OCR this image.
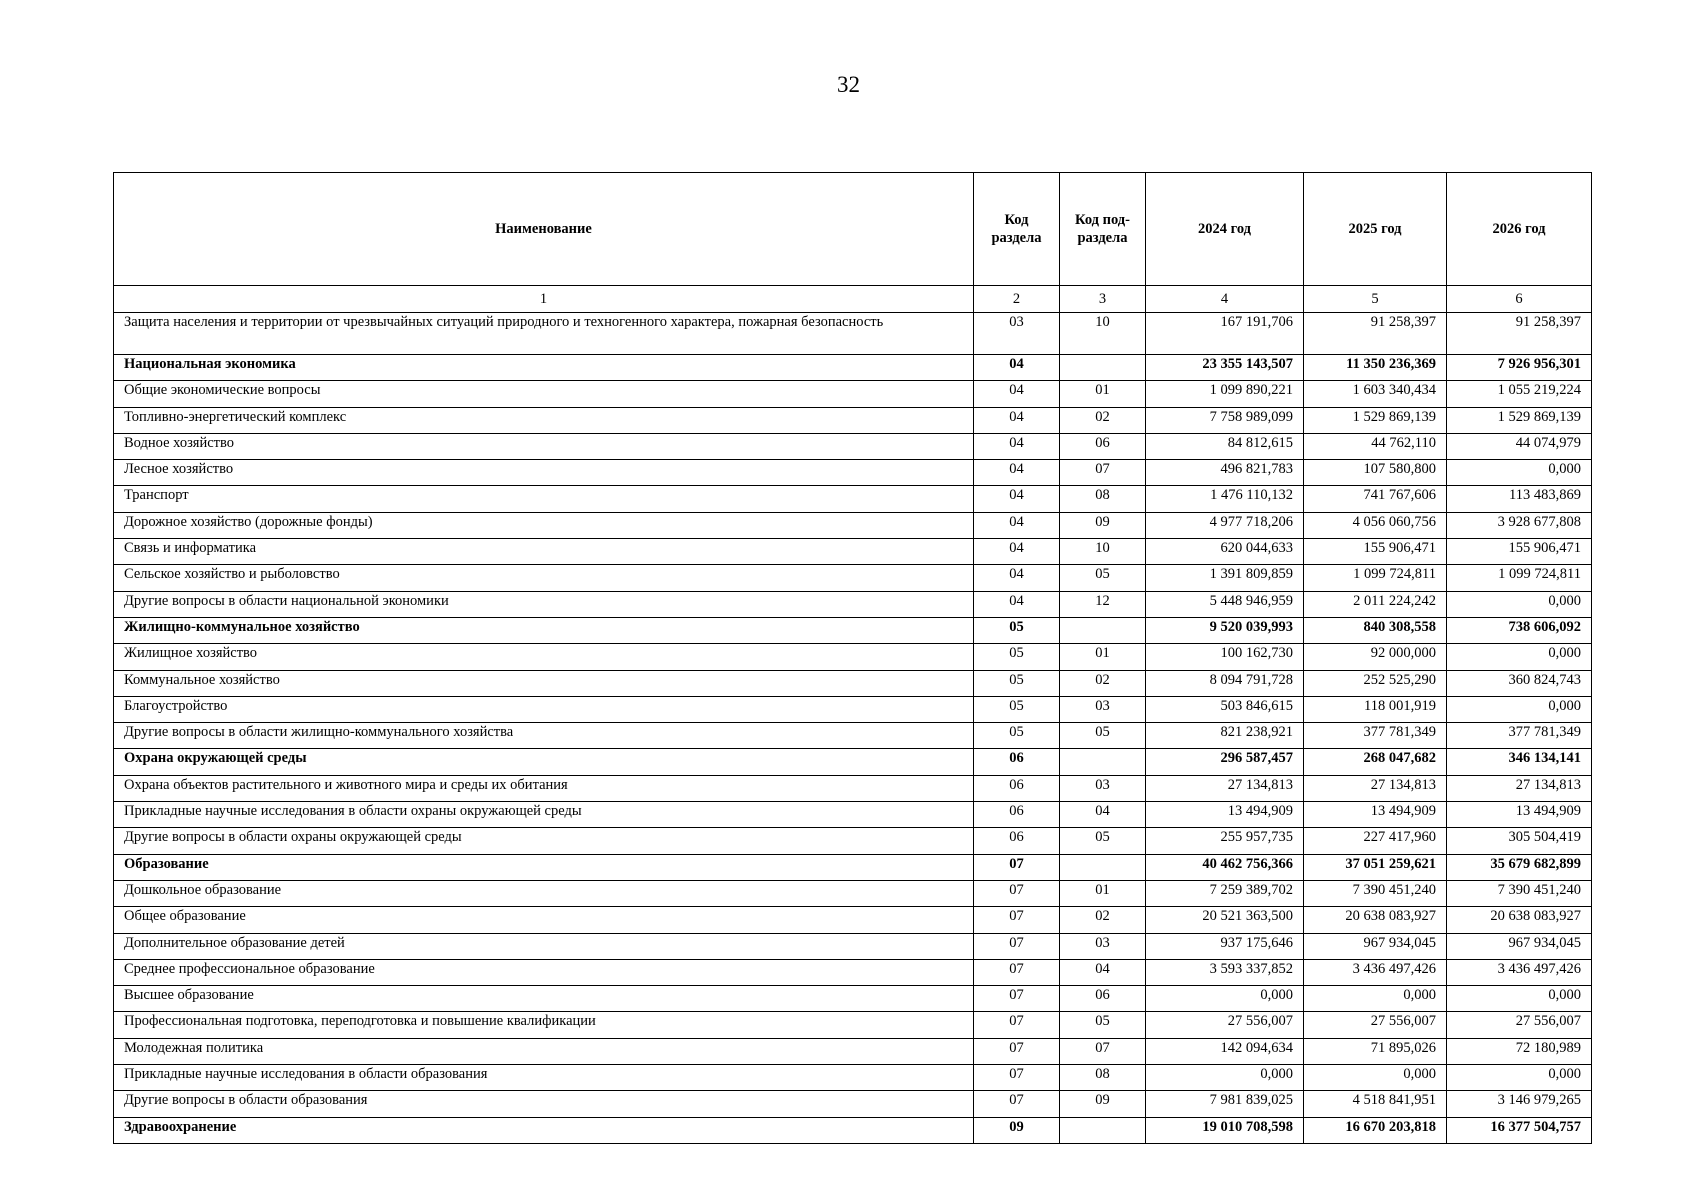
32
Наименование	Код раздела	Код под-раздела	2024 год	2025 год	2026 год
1	2	3	4	5	6
Защита населения и территории от чрезвычайных ситуаций природного и техногенного характера, пожарная безопасность	03	10	167 191,706	91 258,397	91 258,397
Национальная экономика	04		23 355 143,507	11 350 236,369	7 926 956,301
Общие экономические вопросы	04	01	1 099 890,221	1 603 340,434	1 055 219,224
Топливно-энергетический комплекс	04	02	7 758 989,099	1 529 869,139	1 529 869,139
Водное хозяйство	04	06	84 812,615	44 762,110	44 074,979
Лесное хозяйство	04	07	496 821,783	107 580,800	0,000
Транспорт	04	08	1 476 110,132	741 767,606	113 483,869
Дорожное хозяйство (дорожные фонды)	04	09	4 977 718,206	4 056 060,756	3 928 677,808
Связь и информатика	04	10	620 044,633	155 906,471	155 906,471
Сельское хозяйство и рыболовство	04	05	1 391 809,859	1 099 724,811	1 099 724,811
Другие вопросы в области национальной экономики	04	12	5 448 946,959	2 011 224,242	0,000
Жилищно-коммунальное хозяйство	05		9 520 039,993	840 308,558	738 606,092
Жилищное хозяйство	05	01	100 162,730	92 000,000	0,000
Коммунальное хозяйство	05	02	8 094 791,728	252 525,290	360 824,743
Благоустройство	05	03	503 846,615	118 001,919	0,000
Другие вопросы в области жилищно-коммунального хозяйства	05	05	821 238,921	377 781,349	377 781,349
Охрана окружающей среды	06		296 587,457	268 047,682	346 134,141
Охрана объектов растительного и животного мира и среды их обитания	06	03	27 134,813	27 134,813	27 134,813
Прикладные научные исследования в области охраны окружающей среды	06	04	13 494,909	13 494,909	13 494,909
Другие вопросы в области охраны окружающей среды	06	05	255 957,735	227 417,960	305 504,419
Образование	07		40 462 756,366	37 051 259,621	35 679 682,899
Дошкольное образование	07	01	7 259 389,702	7 390 451,240	7 390 451,240
Общее образование	07	02	20 521 363,500	20 638 083,927	20 638 083,927
Дополнительное образование детей	07	03	937 175,646	967 934,045	967 934,045
Среднее профессиональное образование	07	04	3 593 337,852	3 436 497,426	3 436 497,426
Высшее образование	07	06	0,000	0,000	0,000
Профессиональная подготовка, переподготовка и повышение квалификации	07	05	27 556,007	27 556,007	27 556,007
Молодежная политика	07	07	142 094,634	71 895,026	72 180,989
Прикладные научные исследования в области образования	07	08	0,000	0,000	0,000
Другие вопросы в области образования	07	09	7 981 839,025	4 518 841,951	3 146 979,265
Здравоохранение	09		19 010 708,598	16 670 203,818	16 377 504,757
